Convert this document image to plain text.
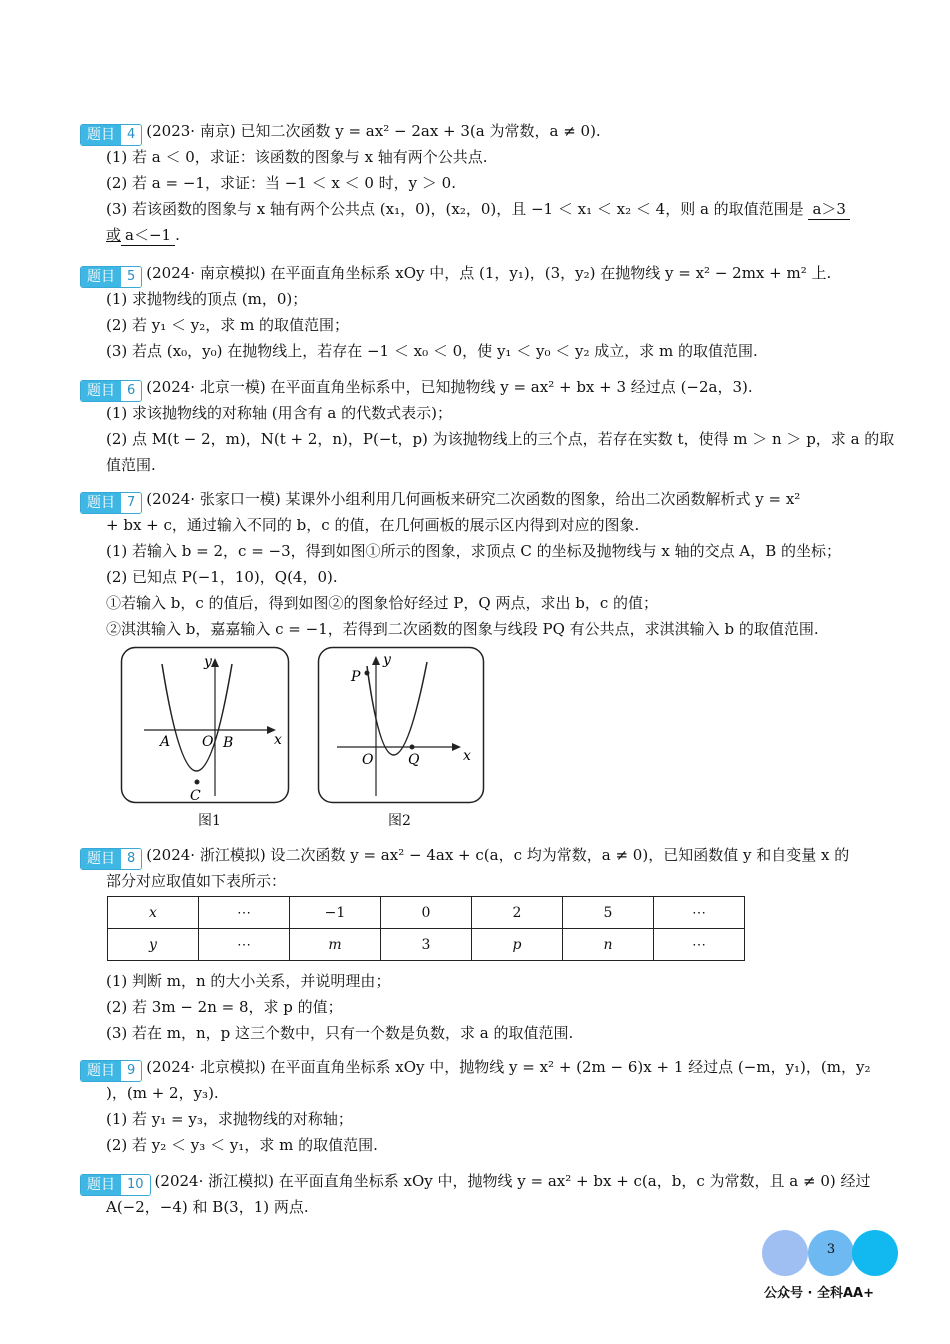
题目 4 (2023· 南京) 已知二次函数 y = ax² − 2ax + 3(a 为常数，a ≠ 0).
(1) 若 a ＜ 0，求证：该函数的图象与 x 轴有两个公共点.
(2) 若 a = −1，求证：当 −1 ＜ x ＜ 0 时，y ＞ 0.
(3) 若该函数的图象与 x 轴有两个公共点 (x₁，0)，(x₂，0)，且 −1 ＜ x₁ ＜ x₂ ＜ 4，则 a 的取值范围是 a＞3
或 a＜−1 .
题目 5 (2024· 南京模拟) 在平面直角坐标系 xOy 中，点 (1，y₁)，(3，y₂) 在抛物线 y = x² − 2mx + m² 上.
(1) 求抛物线的顶点 (m，0)；
(2) 若 y₁ ＜ y₂，求 m 的取值范围；
(3) 若点 (x₀，y₀) 在抛物线上，若存在 −1 ＜ x₀ ＜ 0，使 y₁ ＜ y₀ ＜ y₂ 成立，求 m 的取值范围.
题目 6 (2024· 北京一模) 在平面直角坐标系中，已知抛物线 y = ax² + bx + 3 经过点 (−2a，3).
(1) 求该抛物线的对称轴 (用含有 a 的代数式表示)；
(2) 点 M(t − 2，m)，N(t + 2，n)，P(−t，p) 为该抛物线上的三个点，若存在实数 t，使得 m ＞ n ＞ p，求 a 的取
值范围.
题目 7 (2024· 张家口一模) 某课外小组利用几何画板来研究二次函数的图象，给出二次函数解析式 y = x²
+ bx + c，通过输入不同的 b，c 的值，在几何画板的展示区内得到对应的图象.
(1) 若输入 b = 2，c = −3，得到如图①所示的图象，求顶点 C 的坐标及抛物线与 x 轴的交点 A，B 的坐标；
(2) 已知点 P(−1，10)，Q(4，0).
①若输入 b，c 的值后，得到如图②的图象恰好经过 P，Q 两点，求出 b，c 的值；
②淇淇输入 b，嘉嘉输入 c = −1，若得到二次函数的图象与线段 PQ 有公共点，求淇淇输入 b 的取值范围.
y
x
O
A	B
C
图1
y
x
O
P
Q
图2
题目 8 (2024· 浙江模拟) 设二次函数 y = ax² − 4ax + c(a，c 均为常数，a ≠ 0)，已知函数值 y 和自变量 x 的
部分对应取值如下表所示：
x	⋯	−1	0	2	5	⋯
y	⋯	m	3	p	n	⋯
(1) 判断 m，n 的大小关系，并说明理由；
(2) 若 3m − 2n = 8，求 p 的值；
(3) 若在 m，n，p 这三个数中，只有一个数是负数，求 a 的取值范围.
题目 9 (2024· 北京模拟) 在平面直角坐标系 xOy 中，抛物线 y = x² + (2m − 6)x + 1 经过点 (−m，y₁)，(m，y₂
)，(m + 2，y₃).
(1) 若 y₁ = y₃，求抛物线的对称轴；
(2) 若 y₂ ＜ y₃ ＜ y₁，求 m 的取值范围.
题目 10 (2024· 浙江模拟) 在平面直角坐标系 xOy 中，抛物线 y = ax² + bx + c(a，b，c 为常数，且 a ≠ 0) 经过
A(−2，−4) 和 B(3，1) 两点.
3
公众号 · 全科AA+
